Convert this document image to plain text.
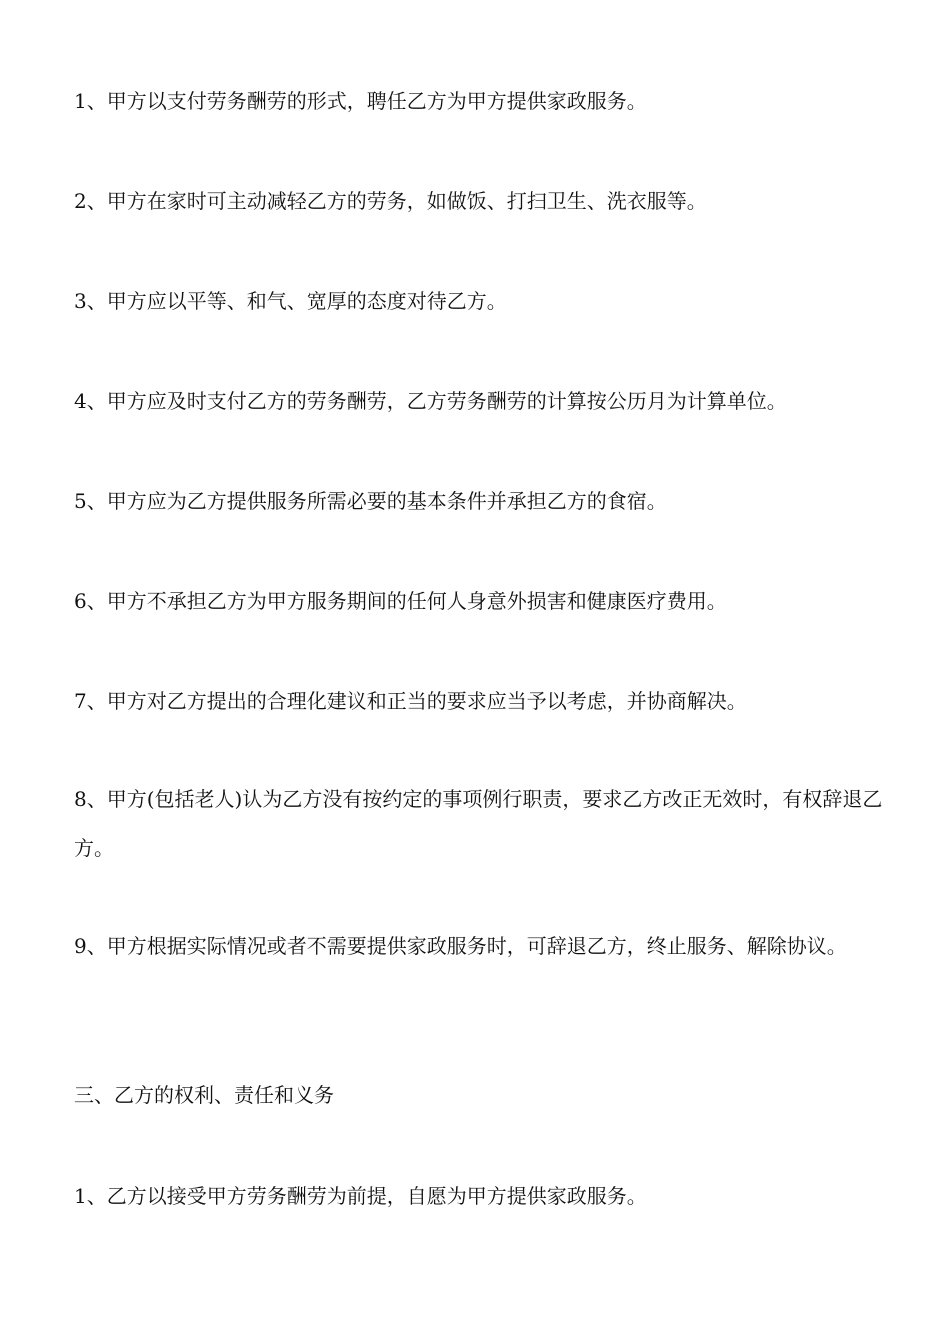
1、甲方以支付劳务酬劳的形式，聘任乙方为甲方提供家政服务。

2、甲方在家时可主动减轻乙方的劳务，如做饭、打扫卫生、洗衣服等。

3、甲方应以平等、和气、宽厚的态度对待乙方。

4、甲方应及时支付乙方的劳务酬劳，乙方劳务酬劳的计算按公历月为计算单位。

5、甲方应为乙方提供服务所需必要的基本条件并承担乙方的食宿。

6、甲方不承担乙方为甲方服务期间的任何人身意外损害和健康医疗费用。

7、甲方对乙方提出的合理化建议和正当的要求应当予以考虑，并协商解决。

8、甲方(包括老人)认为乙方没有按约定的事项例行职责，要求乙方改正无效时，有权辞退乙方。

9、甲方根据实际情况或者不需要提供家政服务时，可辞退乙方，终止服务、解除协议。

三、乙方的权利、责任和义务

1、乙方以接受甲方劳务酬劳为前提，自愿为甲方提供家政服务。
